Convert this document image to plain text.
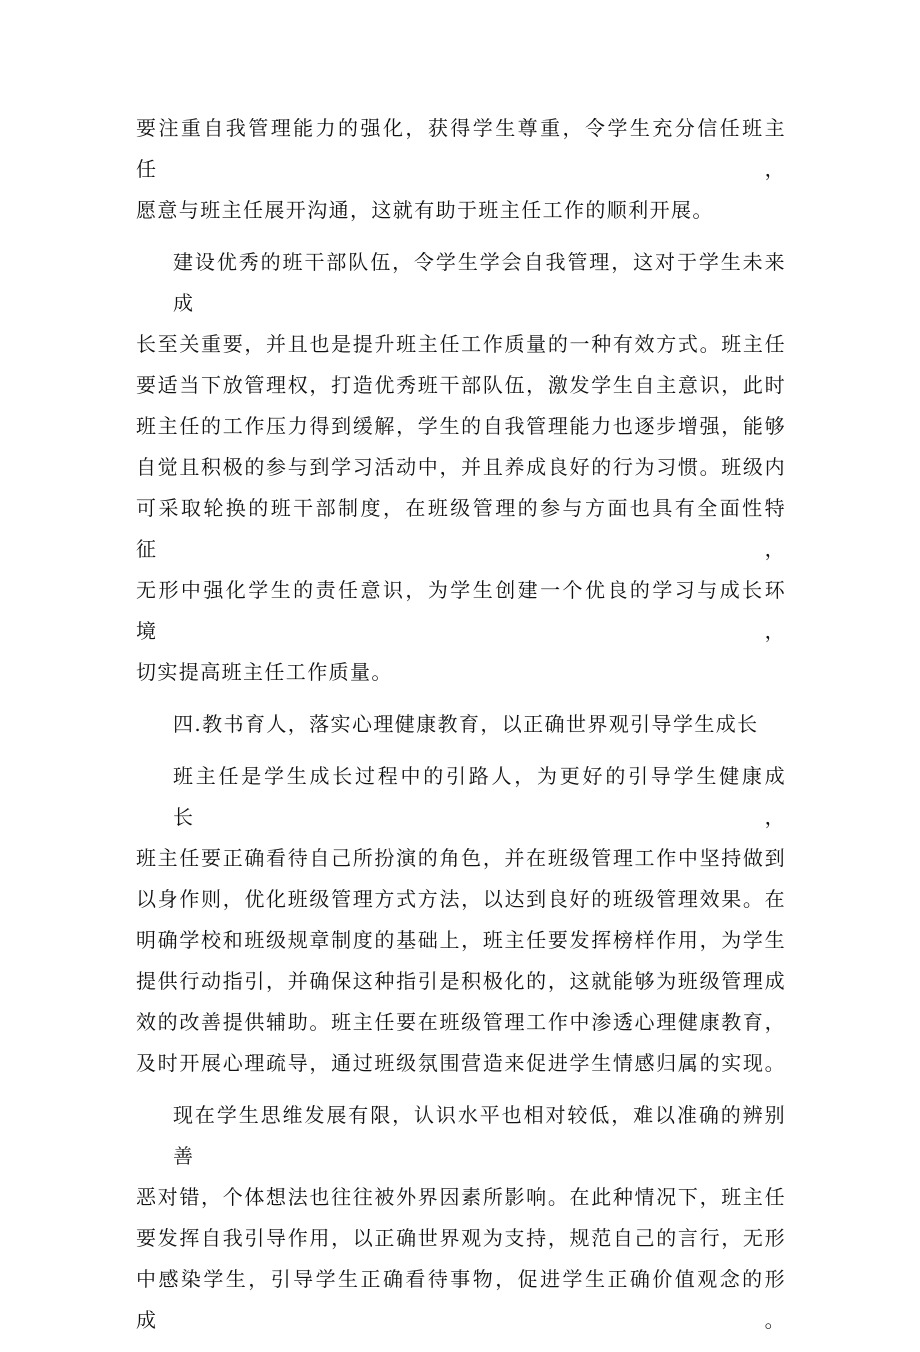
要注重自我管理能力的强化，获得学生尊重，令学生充分信任班主任，
愿意与班主任展开沟通，这就有助于班主任工作的顺利开展。
建设优秀的班干部队伍，令学生学会自我管理，这对于学生未来成
长至关重要，并且也是提升班主任工作质量的一种有效方式。班主任
要适当下放管理权，打造优秀班干部队伍，激发学生自主意识，此时
班主任的工作压力得到缓解，学生的自我管理能力也逐步增强，能够
自觉且积极的参与到学习活动中，并且养成良好的行为习惯。班级内
可采取轮换的班干部制度，在班级管理的参与方面也具有全面性特征，
无形中强化学生的责任意识，为学生创建一个优良的学习与成长环境，
切实提高班主任工作质量。
四.教书育人，落实心理健康教育，以正确世界观引导学生成长
班主任是学生成长过程中的引路人，为更好的引导学生健康成长，
班主任要正确看待自己所扮演的角色，并在班级管理工作中坚持做到
以身作则，优化班级管理方式方法，以达到良好的班级管理效果。在
明确学校和班级规章制度的基础上，班主任要发挥榜样作用，为学生
提供行动指引，并确保这种指引是积极化的，这就能够为班级管理成
效的改善提供辅助。班主任要在班级管理工作中渗透心理健康教育，
及时开展心理疏导，通过班级氛围营造来促进学生情感归属的实现。
现在学生思维发展有限，认识水平也相对较低，难以准确的辨别善
恶对错，个体想法也往往被外界因素所影响。在此种情况下，班主任
要发挥自我引导作用，以正确世界观为支持，规范自己的言行，无形
中感染学生，引导学生正确看待事物，促进学生正确价值观念的形成。
